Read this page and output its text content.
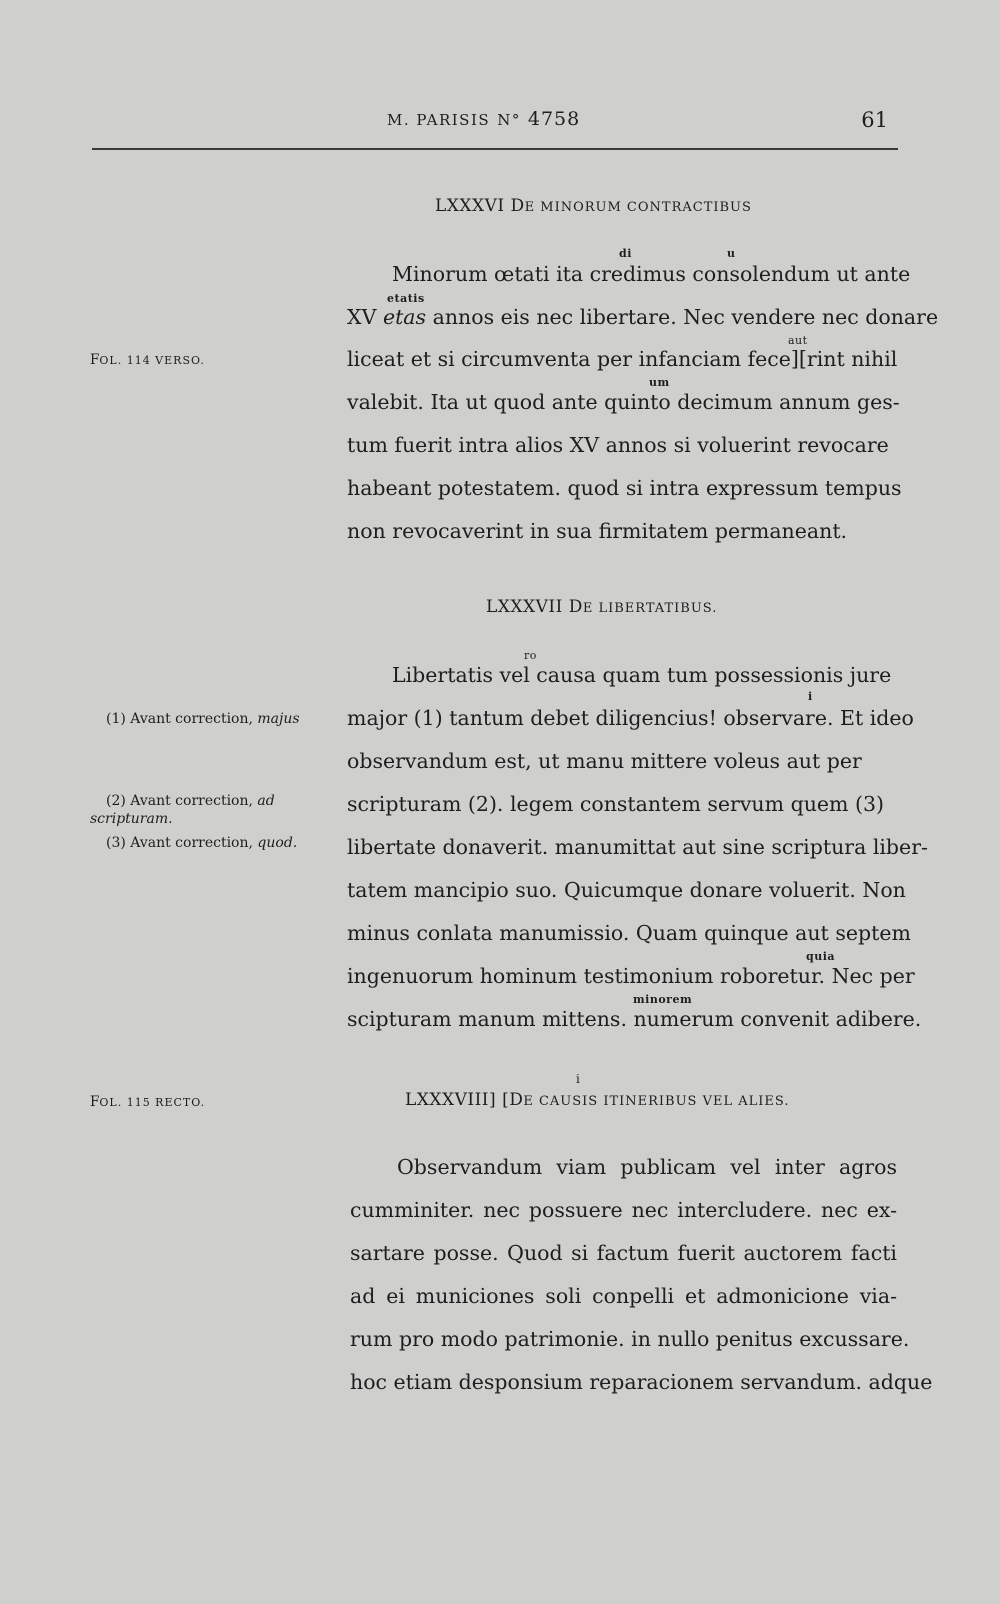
M. PARISIS N° 4758	61
LXXXVI DE MINORUM CONTRACTIBUS
di	u
Minorum œtati ita credimus consolendum ut ante
etatis
XV etas annos eis nec libertare. Nec vendere nec donare
aut
FOL. 114 VERSO.	liceat et si circumventa per infanciam fece][rint nihil
um
valebit. Ita ut quod ante quinto decimum annum ges-
tum fuerit intra alios XV annos si voluerint revocare
habeant potestatem. quod si intra expressum tempus
non revocaverint in sua firmitatem permaneant.
LXXXVII DE LIBERTATIBUS.
ro
Libertatis vel causa quam tum possessionis jure
i
(1) Avant correction, majus major (1) tantum debet diligencius! observare. Et ideo
observandum est, ut manu mittere voleus aut per
(2) Avant correction, ad
scripturam.
scripturam (2). legem constantem servum quem (3)
(3) Avant correction, quod. libertate donaverit. manumittat aut sine scriptura liber-
tatem mancipio suo. Quicumque donare voluerit. Non
minus conlata manumissio. Quam quinque aut septem
quia
ingenuorum hominum testimonium roboretur. Nec per
minorem
scipturam manum mittens. numerum convenit adibere.
i
FOL. 115 RECTO.	LXXXVIII] [DE CAUSIS ITINERIBUS VEL ALIES.
Observandum viam publicam vel inter agros
cumminiter. nec possuere nec intercludere. nec ex-
sartare posse. Quod si factum fuerit auctorem facti
ad ei municiones soli conpelli et admonicione via-
rum pro modo patrimonie. in nullo penitus excussare.
hoc etiam desponsium reparacionem servandum. adque
